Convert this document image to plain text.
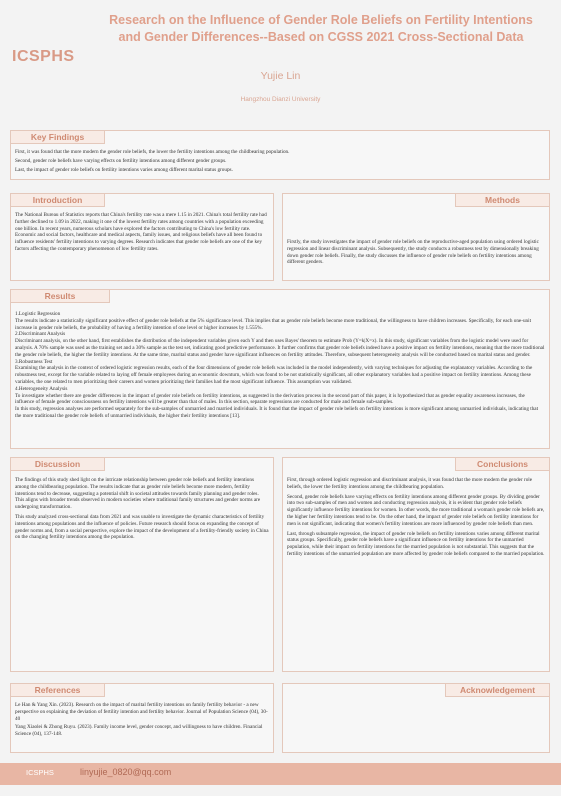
ICSPHS
Research on the Influence of Gender Role Beliefs on Fertility Intentions
and Gender Differences--Based on CGSS 2021 Cross-Sectional Data
Yujie Lin
Hangzhou Dianzi University
Key Findings

First, it was found that the more modern the gender role beliefs, the lower the fertility intentions among the childbearing population.

Second, gender role beliefs have varying effects on fertility intentions among different gender groups.

Last, the impact of gender role beliefs on fertility intentions varies among different marital status groups.

Introduction

The National Bureau of Statistics reports that China's fertility rate was a mere 1.15 in 2021. China's total fertility rate had further declined to 1.09 in 2022, making it one of the lowest fertility rates among countries with a population exceeding one billion. In recent years, numerous scholars have explored the factors contributing to China's low fertility rate. Economic and social factors, healthcare and medical aspects, family issues, and religious beliefs have all been found to influence residents' fertility intentions to varying degrees. Research indicates that gender role beliefs are one of the key factors affecting the contemporary phenomenon of low fertility rates.

Methods

Firstly, the study investigates the impact of gender role beliefs on the reproductive-aged population using ordered logistic regression and linear discriminant analysis. Subsequently, the study conducts a robustness test by dimensionally breaking down gender role beliefs. Finally, the study discusses the influence of gender role beliefs on fertility intentions among different genders.

Results

1.Logistic Regression

The results indicate a statistically significant positive effect of gender role beliefs at the 5% significance level. This implies that as gender role beliefs become more traditional, the willingness to have children increases. Specifically, for each one-unit increase in gender role beliefs, the probability of having a fertility intention of one level or higher increases by 1.555%.

2.Discriminant Analysis

Discriminant analysis, on the other hand, first establishes the distribution of the independent variables given each Y and then uses Bayes' theorem to estimate Prob (Y=k|X=x). In this study, significant variables from the logistic model were used for analysis. A 70% sample was used as the training set and a 30% sample as the test set, indicating good predictive performance. It further confirms that gender role beliefs indeed have a positive impact on fertility intentions, meaning that the more traditional the gender role beliefs, the higher the fertility intentions. At the same time, marital status and gender have significant influences on fertility attitudes. Therefore, subsequent heterogeneity analysis will be conducted based on marital status and gender.

3.Robustness Test

Examining the analysis in the context of ordered logistic regression results, each of the four dimensions of gender role beliefs was included in the model independently, with varying techniques for adjusting the explanatory variables. According to the robustness test, except for the variable related to laying off female employees during an economic downturn, which was found to be not statistically significant, all other explanatory variables had a positive impact on fertility intentions. Among these variables, the one related to men prioritizing their careers and women prioritizing their families had the most significant influence. This assumption was validated.

4.Heterogeneity Analysis

To investigate whether there are gender differences in the impact of gender role beliefs on fertility intentions, as suggested in the derivation process in the second part of this paper, it is hypothesized that as gender equality awareness increases, the influence of female gender consciousness on fertility intentions will be greater than that of males. In this section, separate regressions are conducted for male and female sub-samples.

In this study, regression analyses are performed separately for the sub-samples of unmarried and married individuals. It is found that the impact of gender role beliefs on fertility intentions is more significant among unmarried individuals, indicating that the more traditional the gender role beliefs of unmarried individuals, the higher their fertility intentions [13].

Discussion

The findings of this study shed light on the intricate relationship between gender role beliefs and fertility intentions among the childbearing population. The results indicate that as gender role beliefs become more modern, fertility intentions tend to decrease, suggesting a potential shift in societal attitudes towards family planning and gender roles. This aligns with broader trends observed in modern societies where traditional family structures and gender norms are undergoing transformation.

This study analyzed cross-sectional data from 2021 and was unable to investigate the dynamic characteristics of fertility intentions among populations and the influence of policies. Future research should focus on expanding the concept of gender norms and, from a social perspective, explore the impact of the development of a fertility-friendly society in China on the changing fertility intentions among the population.

Conclusions

First, through ordered logistic regression and discriminant analysis, it was found that the more modern the gender role beliefs, the lower the fertility intentions among the childbearing population.

Second, gender role beliefs have varying effects on fertility intentions among different gender groups. By dividing gender into two sub-samples of men and women and conducting regression analysis, it is evident that gender role beliefs significantly influence fertility intentions for women. In other words, the more traditional a woman's gender role beliefs are, the higher her fertility intentions tend to be. On the other hand, the impact of gender role beliefs on fertility intentions for men is not significant, indicating that women's fertility intentions are more influenced by gender role beliefs than men.

Last, through subsample regression, the impact of gender role beliefs on fertility intentions varies among different marital status groups. Specifically, gender role beliefs have a significant influence on fertility intentions for the unmarried population, while their impact on fertility intentions for the married population is not substantial. This suggests that the fertility intentions of the unmarried population are more affected by gender role beliefs compared to the married population.

References

Le Han & Yang Xin. (2023). Research on the impact of marital fertility intentions on family fertility behavior - a new perspective on explaining the deviation of fertility intention and fertility behavior. Journal of Population Science (04), 30-40

Yang Xiaolei & Zhong Ruyu. (2023). Family income level, gender concept, and willingness to have children. Financial Science (04), 137-148.

Acknowledgement
ICSPHS	linyujie_0820@qq.com
